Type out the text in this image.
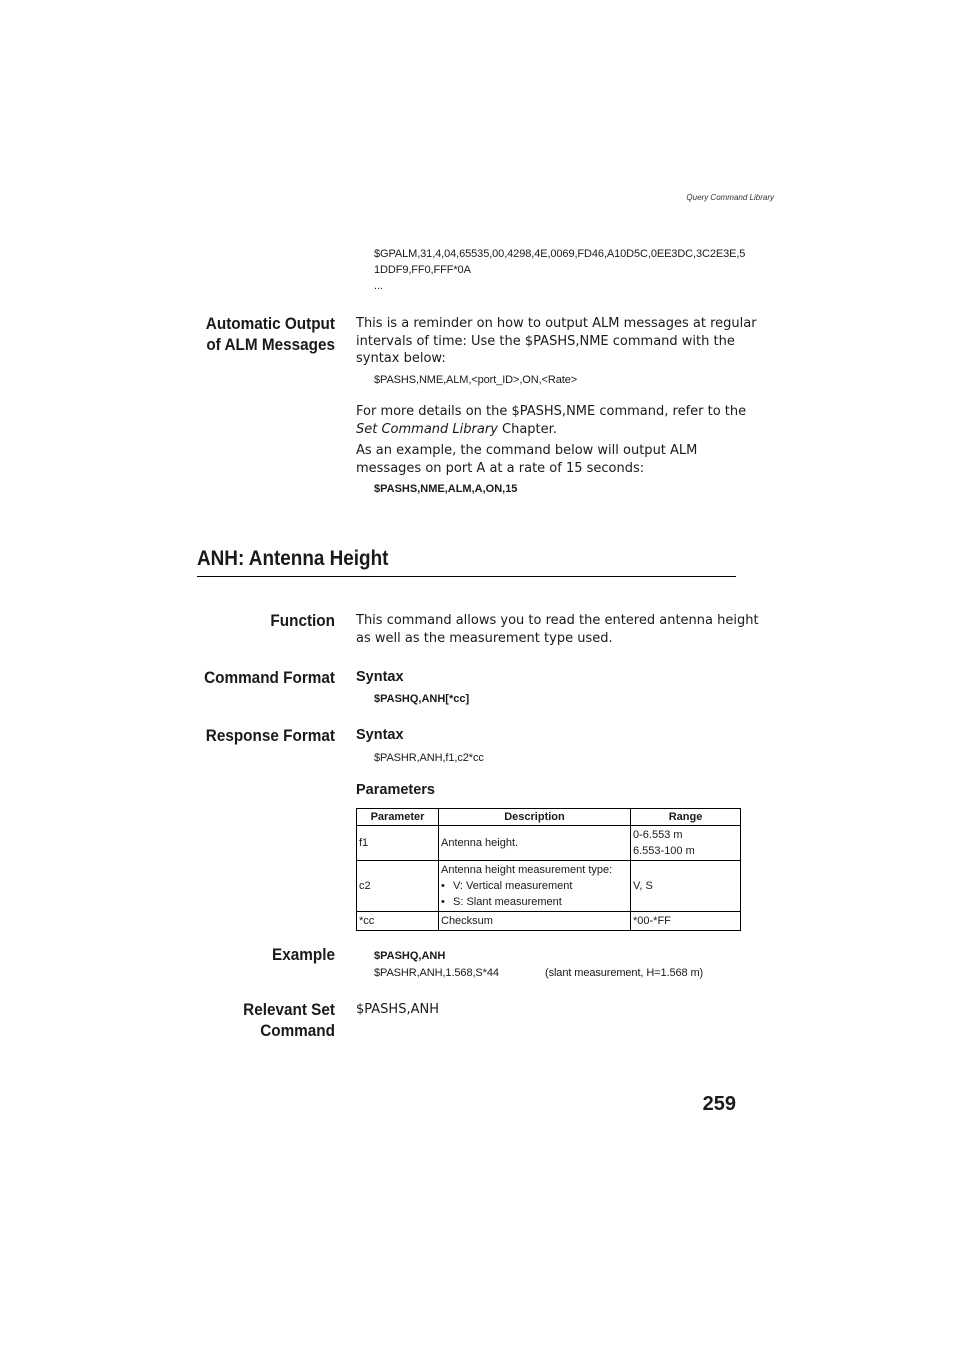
Query Command Library
$GPALM,31,4,04,65535,00,4298,4E,0069,FD46,A10D5C,0EE3DC,3C2E3E,5
1DDF9,FF0,FFF*0A
...
Automatic Output
of ALM Messages
This is a reminder on how to output ALM messages at regular
intervals of time: Use the $PASHS,NME command with the
syntax below:
$PASHS,NME,ALM,<port_ID>,ON,<Rate>
For more details on the $PASHS,NME command, refer to the
Set Command Library Chapter.
As an example, the command below will output ALM
messages on port A at a rate of 15 seconds:
$PASHS,NME,ALM,A,ON,15
ANH: Antenna Height
Function This command allows you to read the entered antenna height
as well as the measurement type used.
Command Format Syntax
$PASHQ,ANH[*cc]
Response Format Syntax
$PASHR,ANH,f1,c2*cc
Parameters
Parameter	Description	Range
f1	Antenna height.	0-6.553 m
6.553-100 m

c2	Antenna height measurement type:
• V: Vertical measurement
• S: Slant measurement	V, S
*cc	Checksum	*00-*FF
Example	$PASHQ,ANH
$PASHR,ANH,1.568,S*44	(slant measurement, H=1.568 m)
Relevant Set
Command
$PASHS,ANH
259
